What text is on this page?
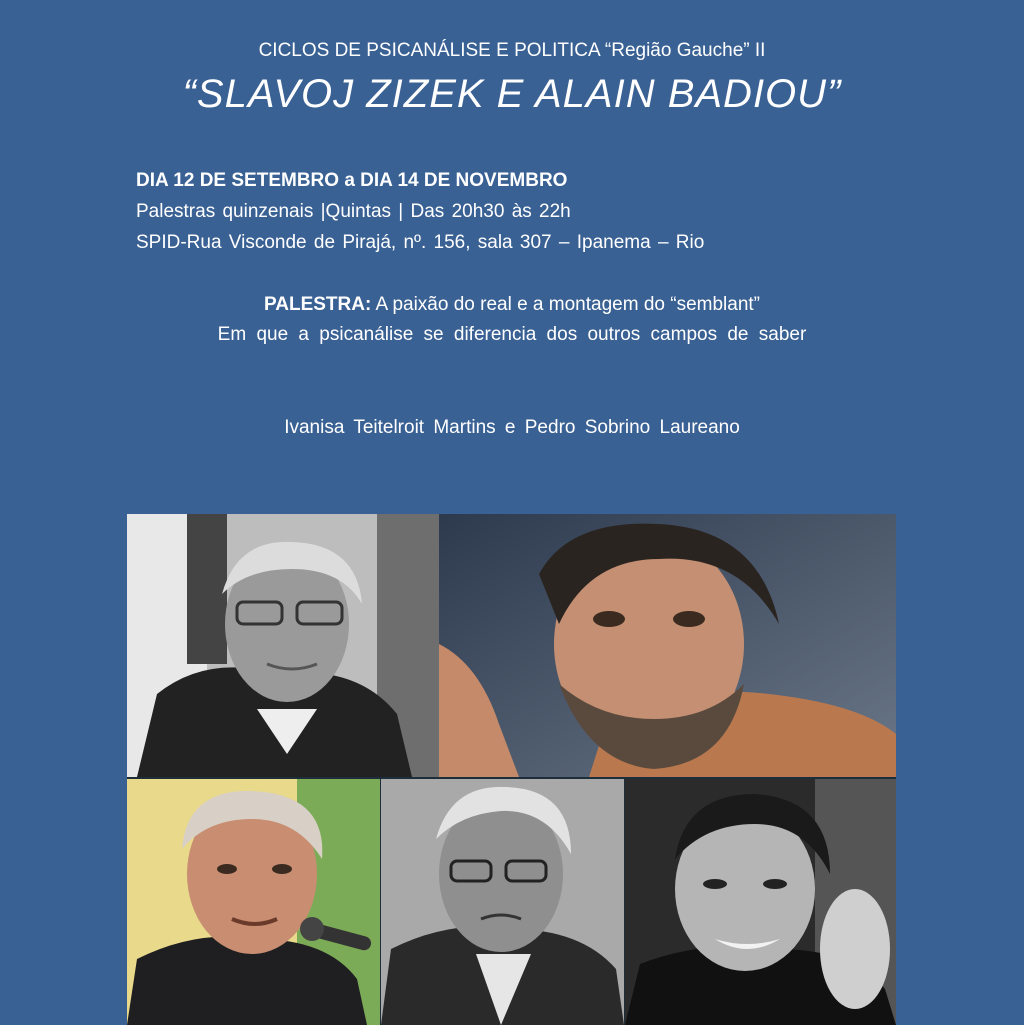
CICLOS DE PSICANÁLISE E POLITICA “Região Gauche” II
“SLAVOJ ZIZEK E ALAIN BADIOU”
DIA 12 DE SETEMBRO a DIA 14 DE NOVEMBRO
Palestras quinzenais |Quintas | Das 20h30 às 22h
SPID-Rua Visconde de Pirajá, nº. 156, sala 307 – Ipanema – Rio
PALESTRA: A paixão do real e a montagem do “semblant”
Em que a psicanálise se diferencia dos outros campos de saber
Ivanisa Teitelroit Martins e Pedro Sobrino Laureano
